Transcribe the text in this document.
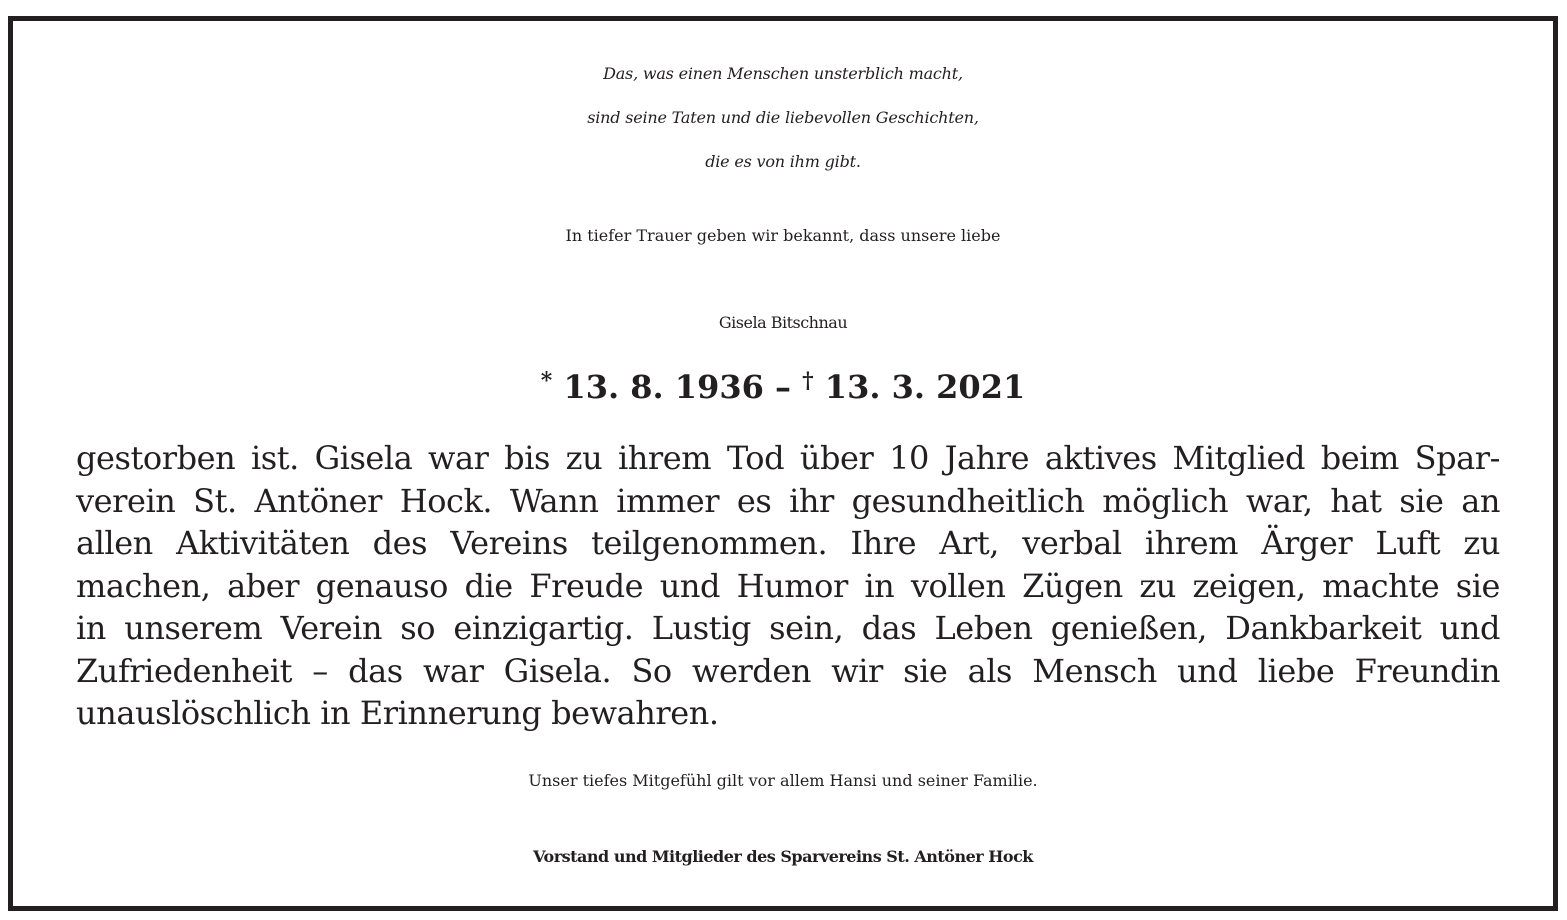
Das, was einen Menschen unsterblich macht,
sind seine Taten und die liebevollen Geschichten,
die es von ihm gibt.
In tiefer Trauer geben wir bekannt, dass unsere liebe
Gisela Bitschnau
* 13. 8. 1936 – † 13. 3. 2021
gestorben ist. Gisela war bis zu ihrem Tod über 10 Jahre aktives Mitglied beim Spar-
verein St. Antöner Hock. Wann immer es ihr gesundheitlich möglich war, hat sie an
allen Aktivitäten des Vereins teilgenommen. Ihre Art, verbal ihrem Ärger Luft zu
machen, aber genauso die Freude und Humor in vollen Zügen zu zeigen, machte sie
in unserem Verein so einzigartig. Lustig sein, das Leben genießen, Dankbarkeit und
Zufriedenheit – das war Gisela. So werden wir sie als Mensch und liebe Freundin
unauslöschlich in Erinnerung bewahren.
Unser tiefes Mitgefühl gilt vor allem Hansi und seiner Familie.
Vorstand und Mitglieder des Sparvereins St. Antöner Hock
